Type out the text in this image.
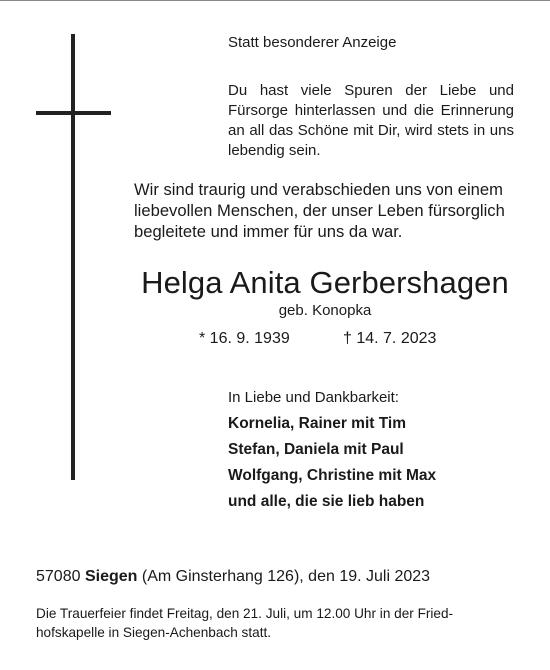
Statt besonderer Anzeige
Du hast viele Spuren der Liebe und
Fürsorge hinterlassen und die Erinnerung
an all das Schöne mit Dir, wird stets in uns
lebendig sein.
Wir sind traurig und verabschieden uns von einem
liebevollen Menschen, der unser Leben fürsorglich
begleitete und immer für uns da war.
Helga Anita Gerbershagen
geb. Konopka
* 16. 9. 1939	† 14. 7. 2023
In Liebe und Dankbarkeit:
Kornelia, Rainer mit Tim
Stefan, Daniela mit Paul
Wolfgang, Christine mit Max
und alle, die sie lieb haben
57080 Siegen (Am Ginsterhang 126), den 19. Juli 2023
Die Trauerfeier findet Freitag, den 21. Juli, um 12.00 Uhr in der Fried-
hofskapelle in Siegen-Achenbach statt.
